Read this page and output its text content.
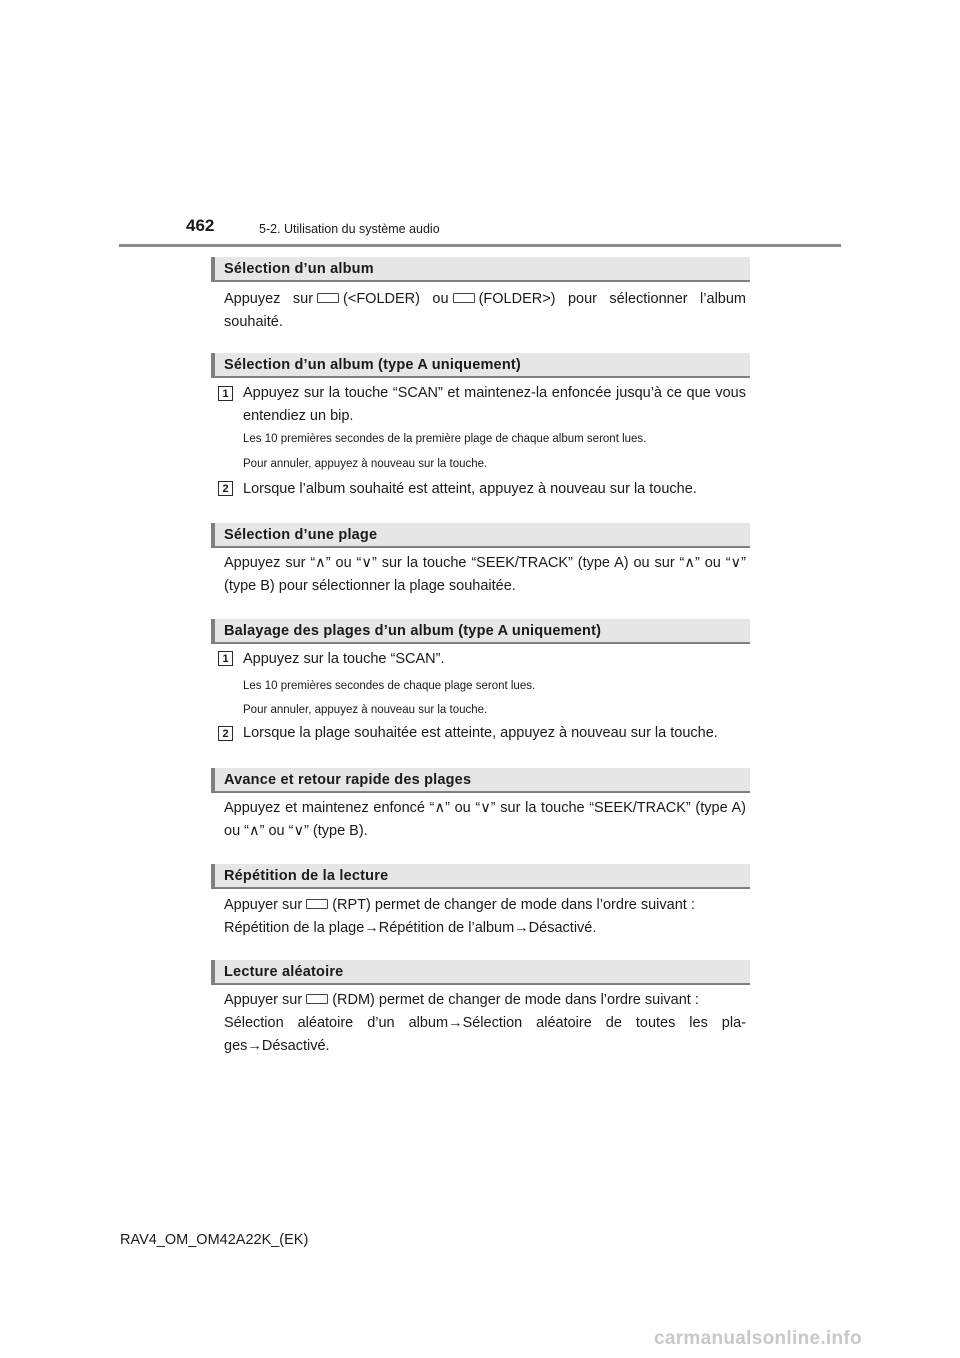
462	5-2. Utilisation du système audio
Sélection d’un album
Appuyez sur (<FOLDER) ou (FOLDER>) pour sélectionner l’album souhaité.
Sélection d’un album (type A uniquement)
1 Appuyez sur la touche “SCAN” et maintenez-la enfoncée jusqu’à ce que vous entendiez un bip.
Les 10 premières secondes de la première plage de chaque album seront lues.
Pour annuler, appuyez à nouveau sur la touche.
2 Lorsque l’album souhaité est atteint, appuyez à nouveau sur la touche.
Sélection d’une plage
Appuyez sur “∧” ou “∨” sur la touche “SEEK/TRACK” (type A) ou sur “∧” ou “∨” (type B) pour sélectionner la plage souhaitée.
Balayage des plages d’un album (type A uniquement)
1 Appuyez sur la touche “SCAN”.
Les 10 premières secondes de chaque plage seront lues.
Pour annuler, appuyez à nouveau sur la touche.
2 Lorsque la plage souhaitée est atteinte, appuyez à nouveau sur la touche.
Avance et retour rapide des plages
Appuyez et maintenez enfoncé “∧” ou “∨” sur la touche “SEEK/TRACK” (type A) ou “∧” ou “∨” (type B).
Répétition de la lecture
Appuyer sur (RPT) permet de changer de mode dans l’ordre suivant :
Répétition de la plage→Répétition de l’album→Désactivé.
Lecture aléatoire
Appuyer sur (RDM) permet de changer de mode dans l’ordre suivant :
Sélection aléatoire d’un album→Sélection aléatoire de toutes les pla-ges→Désactivé.
RAV4_OM_OM42A22K_(EK)
carmanualsonline.info
